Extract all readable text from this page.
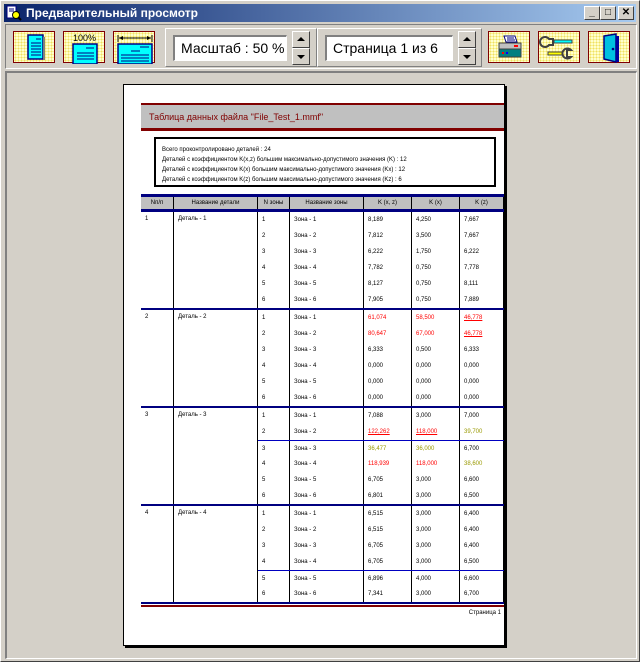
Предварительный просмотр	_	□	✕
100%
Масштаб : 50 %	Страница 1 из 6
Таблица данных файла "File_Test_1.mmf"
Всего проконтролировано деталей : 24
Деталей с коэффициентом K(x,z) большим максимально-допустимого значения (K) : 12
Деталей с коэффициентом K(x) большим максимально-допустимого значения (Kx) : 12
Деталей с коэффициентом K(z) большим максимально-допустимого значения (Kz) : 6
Nп/п	Название детали	N зоны	Название зоны	K (x, z)	K (x)	K (z)
1	Деталь - 1	1	Зона - 1	8,189	4,250	7,667
2	Зона - 2	7,812	3,500	7,667
3	Зона - 3	6,222	1,750	6,222
4	Зона - 4	7,782	0,750	7,778
5	Зона - 5	8,127	0,750	8,111
6	Зона - 6	7,905	0,750	7,889
2	Деталь - 2	1	Зона - 1	61,074	58,500	46,778
2	Зона - 2	80,647	67,000	46,778
3	Зона - 3	6,333	0,500	6,333
4	Зона - 4	0,000	0,000	0,000
5	Зона - 5	0,000	0,000	0,000
6	Зона - 6	0,000	0,000	0,000
3	Деталь - 3	1	Зона - 1	7,088	3,000	7,000
2	Зона - 2	122,262	118,000	39,700
3	Зона - 3	36,477	36,000	6,700
4	Зона - 4	118,939	118,000	38,600
5	Зона - 5	6,705	3,000	6,600
6	Зона - 6	6,801	3,000	6,500
4	Деталь - 4	1	Зона - 1	6,515	3,000	6,400
2	Зона - 2	6,515	3,000	6,400
3	Зона - 3	6,705	3,000	6,400
4	Зона - 4	6,705	3,000	6,500
5	Зона - 5	6,896	4,000	6,600
6	Зона - 6	7,341	3,000	6,700
Страница 1
